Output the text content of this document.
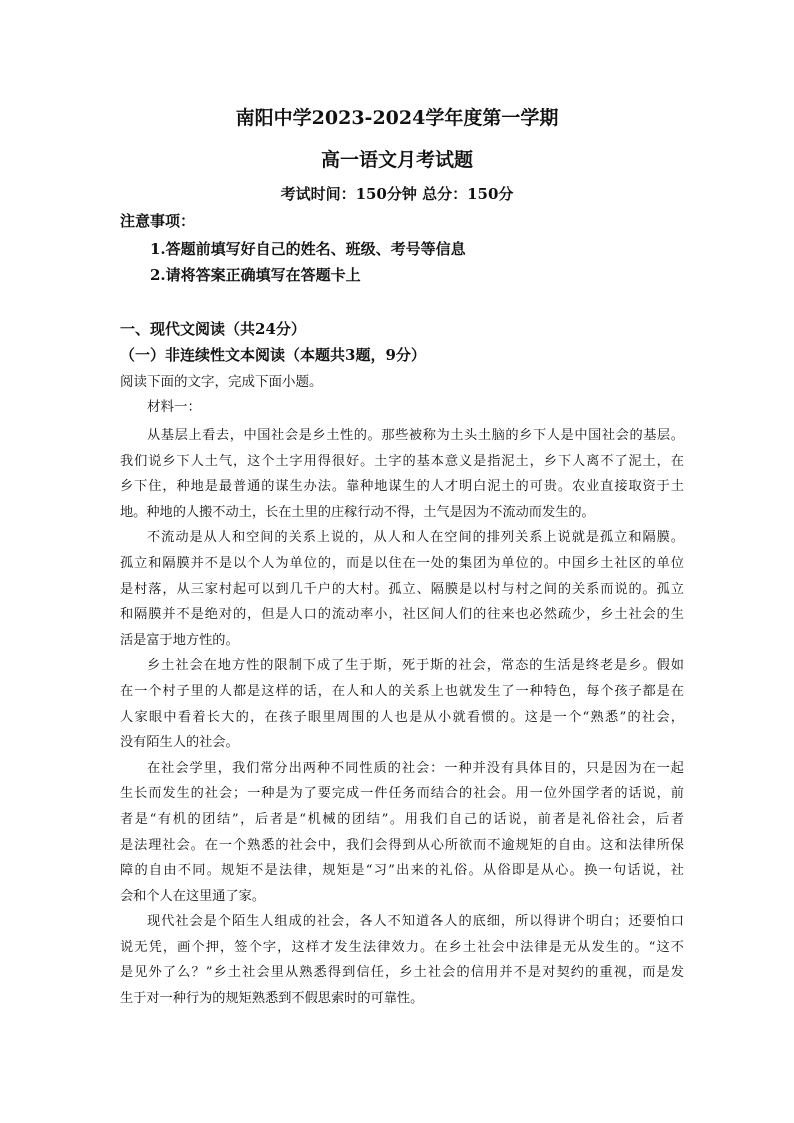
南阳中学2023-2024学年度第一学期
高一语文月考试题

考试时间：150分钟 总分：150分

注意事项：

1.答题前填写好自己的姓名、班级、考号等信息

2.请将答案正确填写在答题卡上

一、现代文阅读（共24分）

（一）非连续性文本阅读（本题共3题，9分）

阅读下面的文字，完成下面小题。

材料一：

从基层上看去，中国社会是乡土性的。那些被称为土头土脑的乡下人是中国社会的基层。
我们说乡下人土气，这个土字用得很好。土字的基本意义是指泥土，乡下人离不了泥土，在
乡下住，种地是最普通的谋生办法。靠种地谋生的人才明白泥土的可贵。农业直接取资于土
地。种地的人搬不动土，长在土里的庄稼行动不得，土气是因为不流动而发生的。
不流动是从人和空间的关系上说的，从人和人在空间的排列关系上说就是孤立和隔膜。
孤立和隔膜并不是以个人为单位的，而是以住在一处的集团为单位的。中国乡土社区的单位
是村落，从三家村起可以到几千户的大村。孤立、隔膜是以村与村之间的关系而说的。孤立
和隔膜并不是绝对的，但是人口的流动率小，社区间人们的往来也必然疏少，乡土社会的生
活是富于地方性的。
乡土社会在地方性的限制下成了生于斯，死于斯的社会，常态的生活是终老是乡。假如
在一个村子里的人都是这样的话，在人和人的关系上也就发生了一种特色，每个孩子都是在
人家眼中看着长大的，在孩子眼里周围的人也是从小就看惯的。这是一个“熟悉”的社会，
没有陌生人的社会。
在社会学里，我们常分出两种不同性质的社会：一种并没有具体目的，只是因为在一起
生长而发生的社会；一种是为了要完成一件任务而结合的社会。用一位外国学者的话说，前
者是“有机的团结”，后者是“机械的团结”。用我们自己的话说，前者是礼俗社会，后者
是法理社会。在一个熟悉的社会中，我们会得到从心所欲而不逾规矩的自由。这和法律所保
障的自由不同。规矩不是法律，规矩是“习”出来的礼俗。从俗即是从心。换一句话说，社
会和个人在这里通了家。
现代社会是个陌生人组成的社会，各人不知道各人的底细，所以得讲个明白；还要怕口
说无凭，画个押，签个字，这样才发生法律效力。在乡土社会中法律是无从发生的。“这不
是见外了么？”乡土社会里从熟悉得到信任，乡土社会的信用并不是对契约的重视，而是发
生于对一种行为的规矩熟悉到不假思索时的可靠性。
